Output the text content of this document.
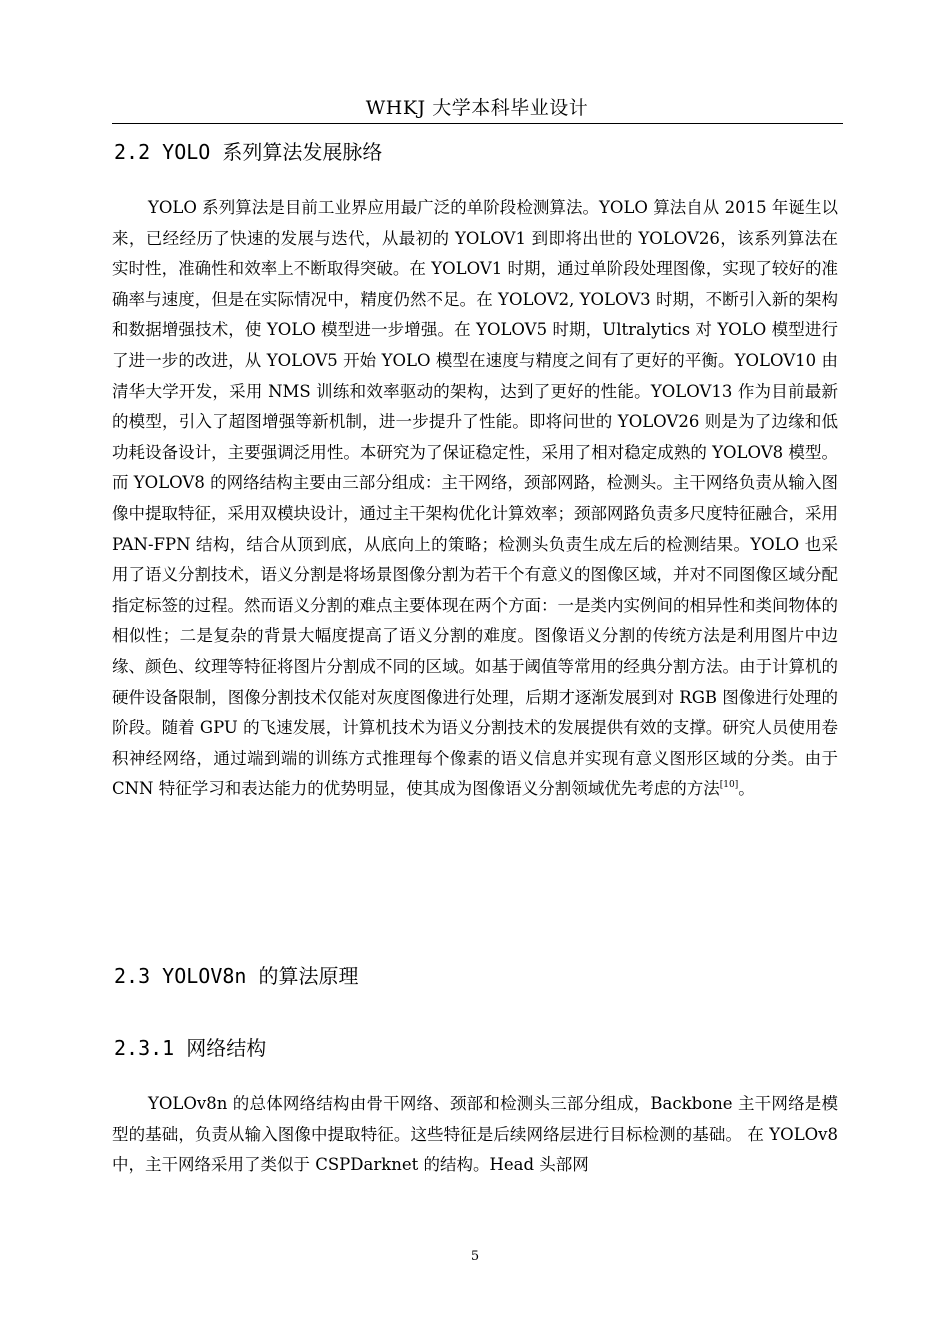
WHKJ 大学本科毕业设计
2.2 YOLO 系列算法发展脉络
YOLO 系列算法是目前工业界应用最广泛的单阶段检测算法。YOLO 算法自从 2015 年诞生以来，已经经历了快速的发展与迭代，从最初的 YOLOV1 到即将出世的 YOLOV26，该系列算法在实时性，准确性和效率上不断取得突破。在 YOLOV1 时期，通过单阶段处理图像，实现了较好的准确率与速度，但是在实际情况中，精度仍然不足。在 YOLOV2, YOLOV3 时期，不断引入新的架构和数据增强技术，使 YOLO 模型进一步增强。在 YOLOV5 时期，Ultralytics 对 YOLO 模型进行了进一步的改进，从 YOLOV5 开始 YOLO 模型在速度与精度之间有了更好的平衡。YOLOV10 由清华大学开发，采用 NMS 训练和效率驱动的架构，达到了更好的性能。YOLOV13 作为目前最新的模型，引入了超图增强等新机制，进一步提升了性能。即将问世的 YOLOV26 则是为了边缘和低功耗设备设计，主要强调泛用性。本研究为了保证稳定性，采用了相对稳定成熟的 YOLOV8 模型。而 YOLOV8 的网络结构主要由三部分组成：主干网络，颈部网路，检测头。主干网络负责从输入图像中提取特征，采用双模块设计，通过主干架构优化计算效率；颈部网路负责多尺度特征融合，采用 PAN-FPN 结构，结合从顶到底，从底向上的策略；检测头负责生成左后的检测结果。YOLO 也采用了语义分割技术，语义分割是将场景图像分割为若干个有意义的图像区域，并对不同图像区域分配指定标签的过程。然而语义分割的难点主要体现在两个方面：一是类内实例间的相异性和类间物体的相似性；二是复杂的背景大幅度提高了语义分割的难度。图像语义分割的传统方法是利用图片中边缘、颜色、纹理等特征将图片分割成不同的区域。如基于阈值等常用的经典分割方法。由于计算机的硬件设备限制，图像分割技术仅能对灰度图像进行处理，后期才逐渐发展到对 RGB 图像进行处理的阶段。随着 GPU 的飞速发展，计算机技术为语义分割技术的发展提供有效的支撑。研究人员使用卷积神经网络，通过端到端的训练方式推理每个像素的语义信息并实现有意义图形区域的分类。由于 CNN 特征学习和表达能力的优势明显，使其成为图像语义分割领域优先考虑的方法[10]。
2.3 YOLOV8n 的算法原理
2.3.1 网络结构
YOLOv8n 的总体网络结构由骨干网络、颈部和检测头三部分组成，Backbone 主干网络是模型的基础，负责从输入图像中提取特征。这些特征是后续网络层进行目标检测的基础。 在 YOLOv8 中，主干网络采用了类似于 CSPDarknet 的结构。Head 头部网
5
